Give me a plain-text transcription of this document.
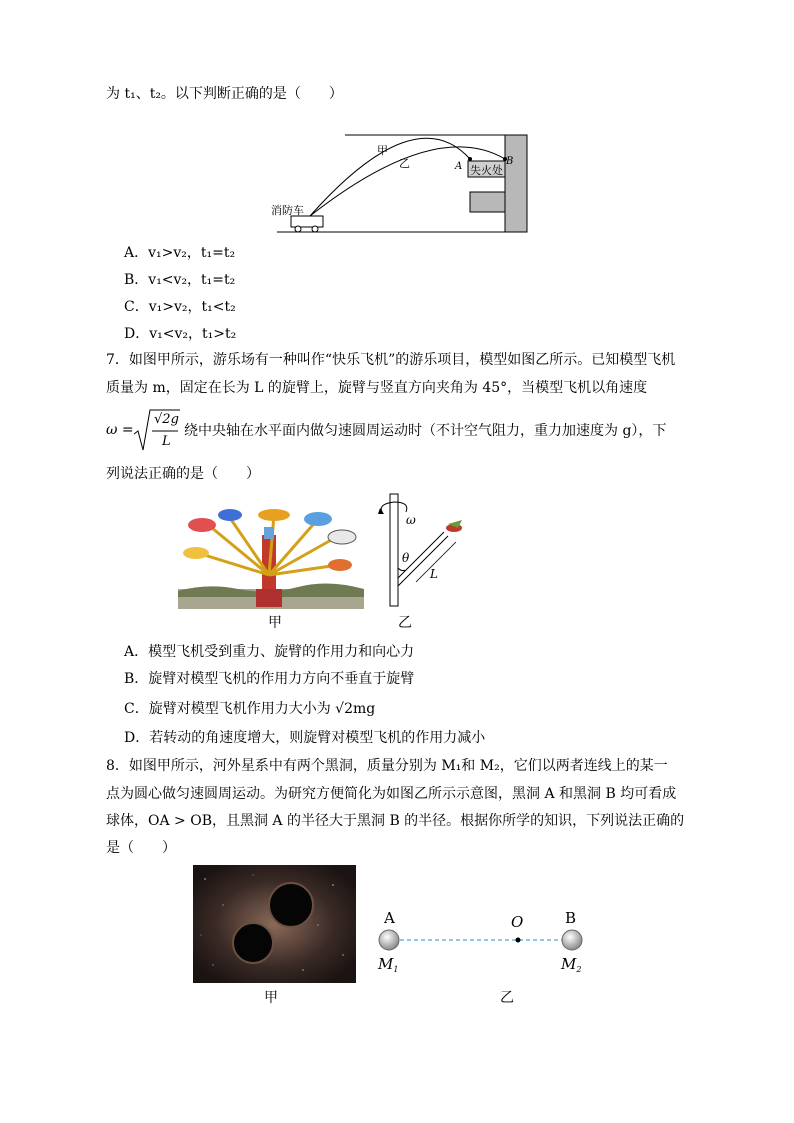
为 t₁、t₂。以下判断正确的是（　　）
甲
乙	A	B
失火处
消防车
A．v₁>v₂，t₁=t₂
B．v₁<v₂，t₁=t₂
C．v₁>v₂，t₁<t₂
D．v₁<v₂，t₁>t₂
7．如图甲所示，游乐场有一种叫作“快乐飞机”的游乐项目，模型如图乙所示。已知模型飞机
质量为 m，固定在长为 L 的旋臂上，旋臂与竖直方向夹角为 45°，当模型飞机以角速度
ω =
√2g
L
绕中央轴在水平面内做匀速圆周运动时（不计空气阻力，重力加速度为 g），下
列说法正确的是（　　）
甲
ω
θ
L
乙
A．模型飞机受到重力、旋臂的作用力和向心力
B．旋臂对模型飞机的作用力方向不垂直于旋臂
C．旋臂对模型飞机作用力大小为 √2mg
D．若转动的角速度增大，则旋臂对模型飞机的作用力减小
8．如图甲所示，河外星系中有两个黑洞，质量分别为 M₁和 M₂，它们以两者连线上的某一
点为圆心做匀速圆周运动。为研究方便简化为如图乙所示示意图，黑洞 A 和黑洞 B 均可看成
球体，OA > OB，且黑洞 A 的半径大于黑洞 B 的半径。根据你所学的知识，下列说法正确的
是（　　）
甲
A	O	B
$M_1$	$M_2$
乙
